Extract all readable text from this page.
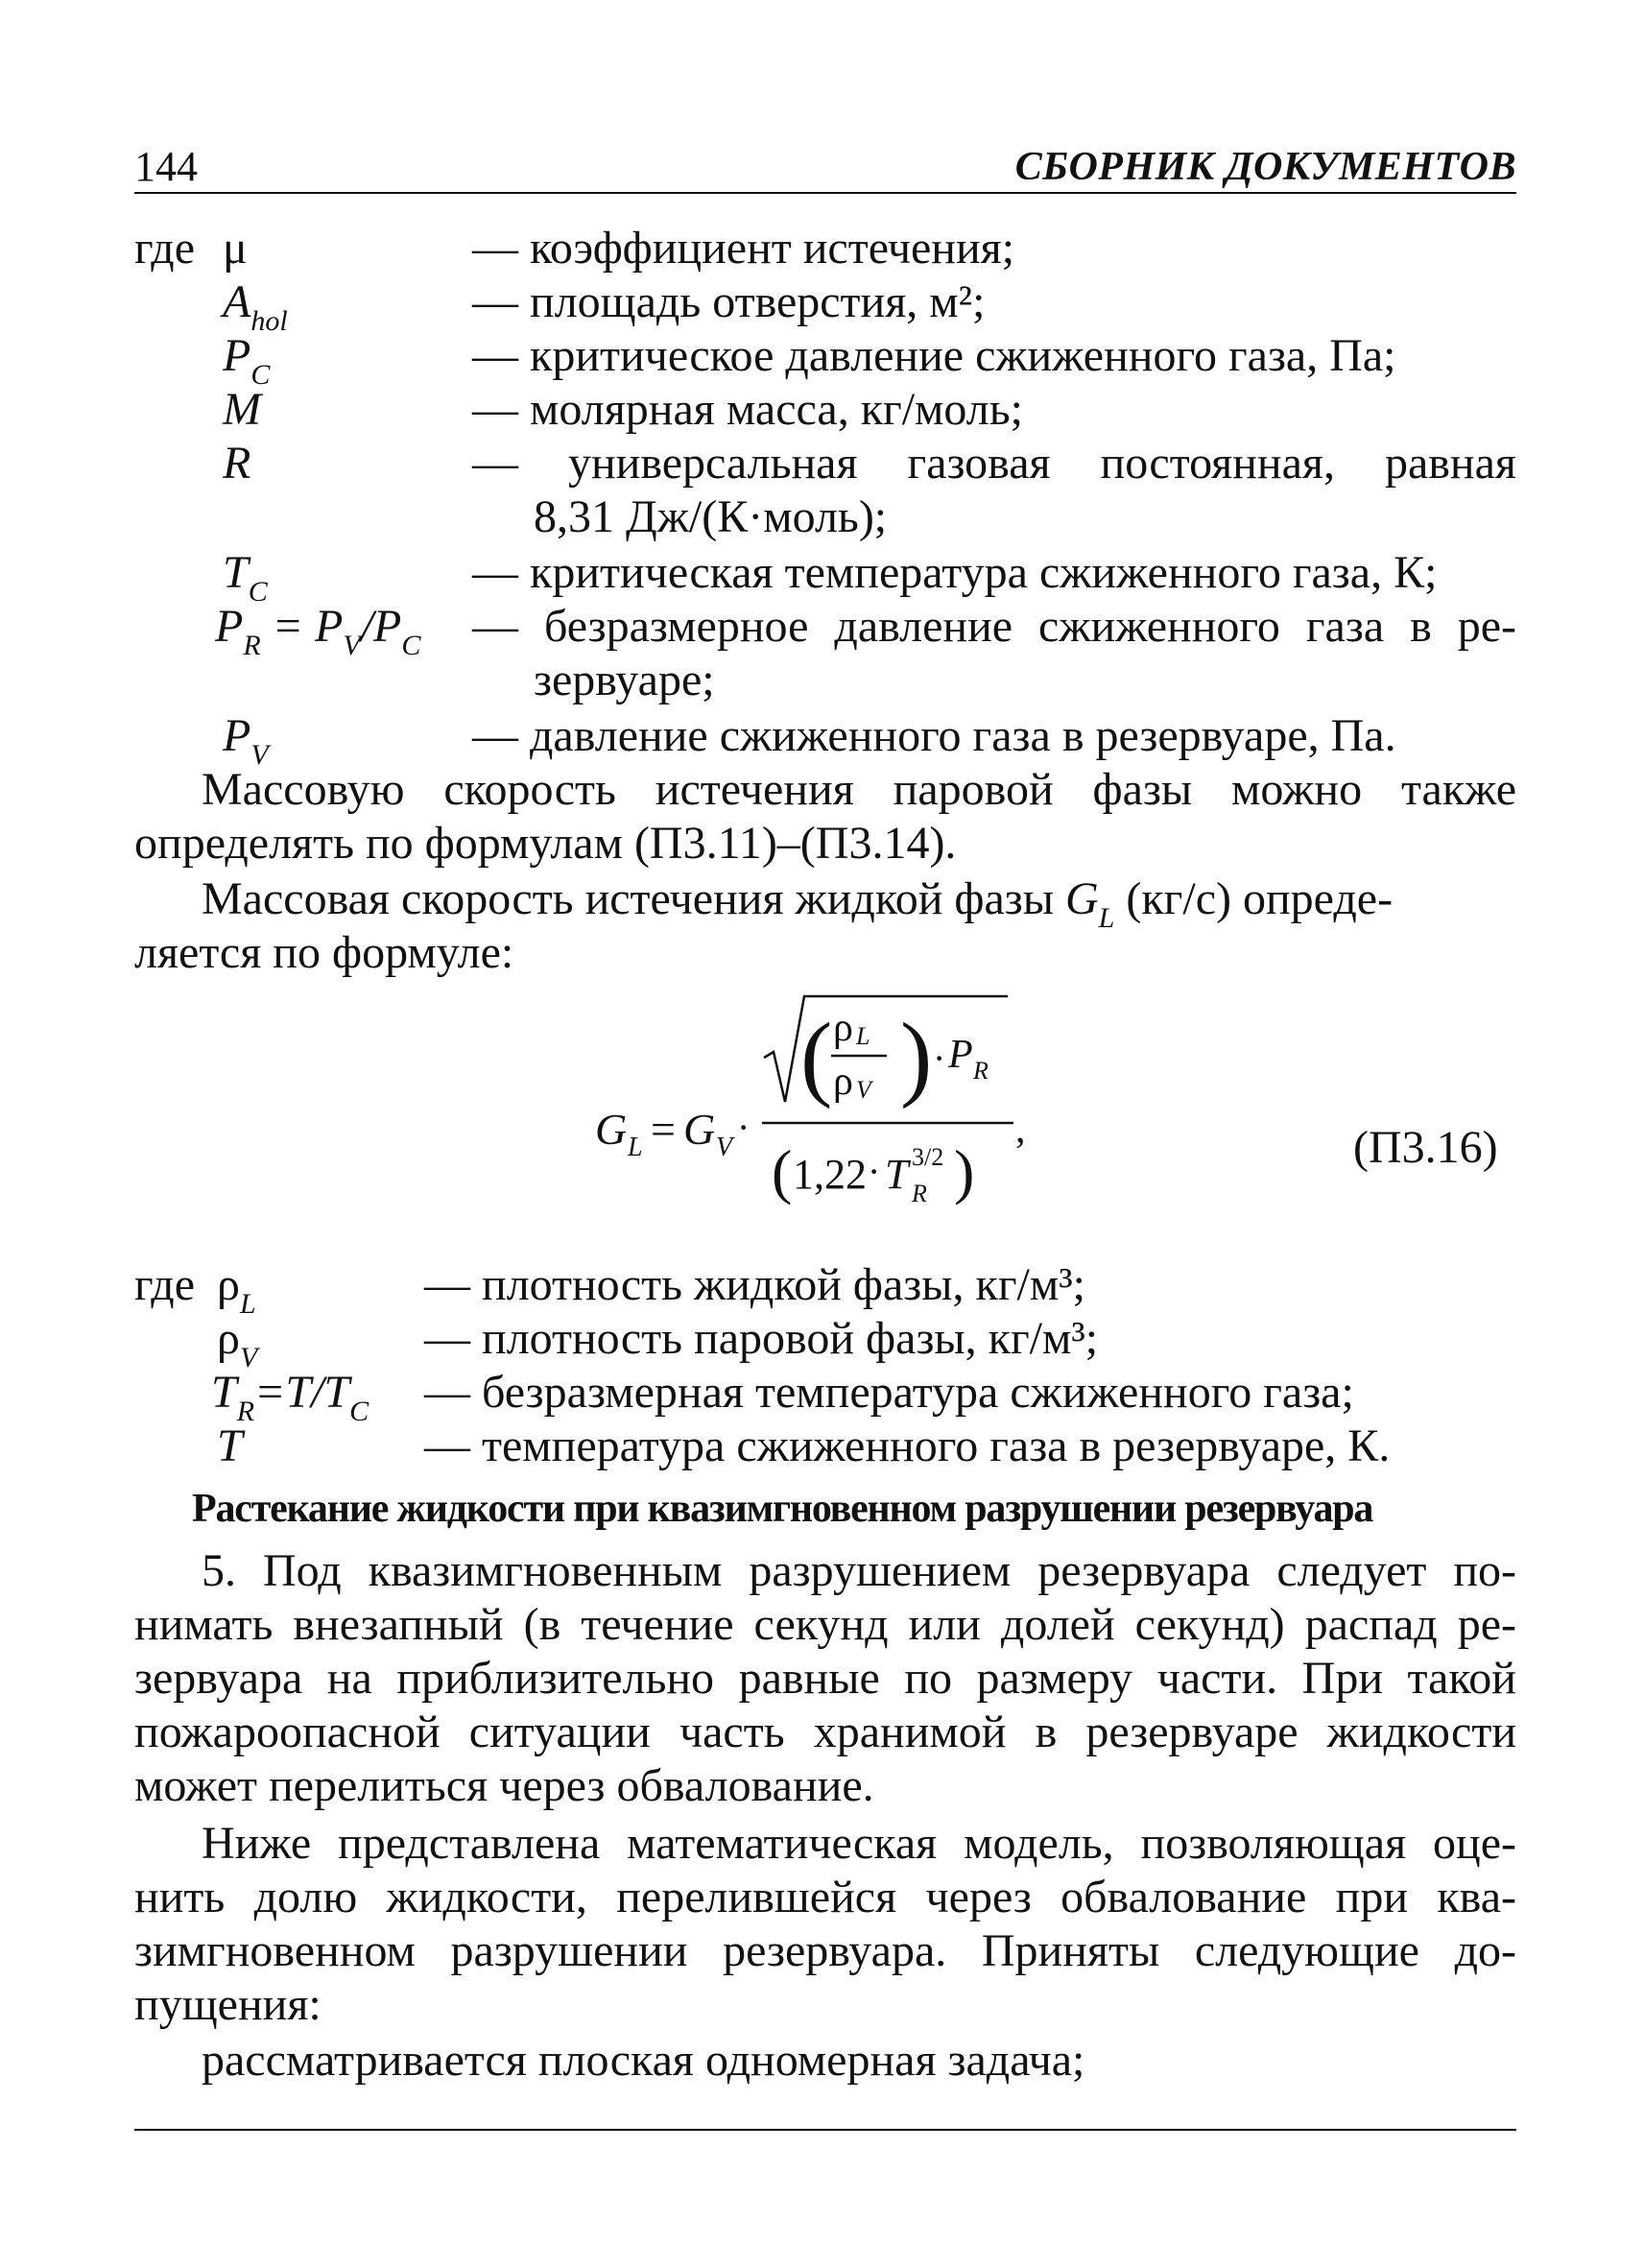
144	СБОРНИК ДОКУМЕНТОВ
где μ	— коэффициент истечения;
$A_{hol}$	— площадь отверстия, м²;
$P_C$	— критическое давление сжиженного газа, Па;
M	— молярная масса, кг/моль;
R	— универсальная газовая постоянная, равная
8,31 Дж/(К·моль);
$T_C$	— критическая температура сжиженного газа, К;
$P_R = P_V/P_C$ — безразмерное давление сжиженного газа в ре-
зервуаре;
$P_V$	— давление сжиженного газа в резервуаре, Па.
Массовую скорость истечения паровой фазы можно также
определять по формулам (П3.11)–(П3.14).
Массовая скорость истечения жидкой фазы $G_L$ (кг/с) опреде-
ляется по формуле:
G L = G V ·
( )
ρ L
ρ V
· P R
,
( 1,22 · T 3/2
R )	(П3.16)
где $\rho_L$	— плотность жидкой фазы, кг/м³;
$\rho_V$	— плотность паровой фазы, кг/м³;
$T_R=T/T_C$ — безразмерная температура сжиженного газа;
T	— температура сжиженного газа в резервуаре, К.
Растекание жидкости при квазимгновенном разрушении резервуара
5. Под квазимгновенным разрушением резервуара следует по-
нимать внезапный (в течение секунд или долей секунд) распад ре-
зервуара на приблизительно равные по размеру части. При такой
пожароопасной ситуации часть хранимой в резервуаре жидкости
может перелиться через обвалование.
Ниже представлена математическая модель, позволяющая оце-
нить долю жидкости, перелившейся через обвалование при ква-
зимгновенном разрушении резервуара. Приняты следующие до-
пущения:
рассматривается плоская одномерная задача;
